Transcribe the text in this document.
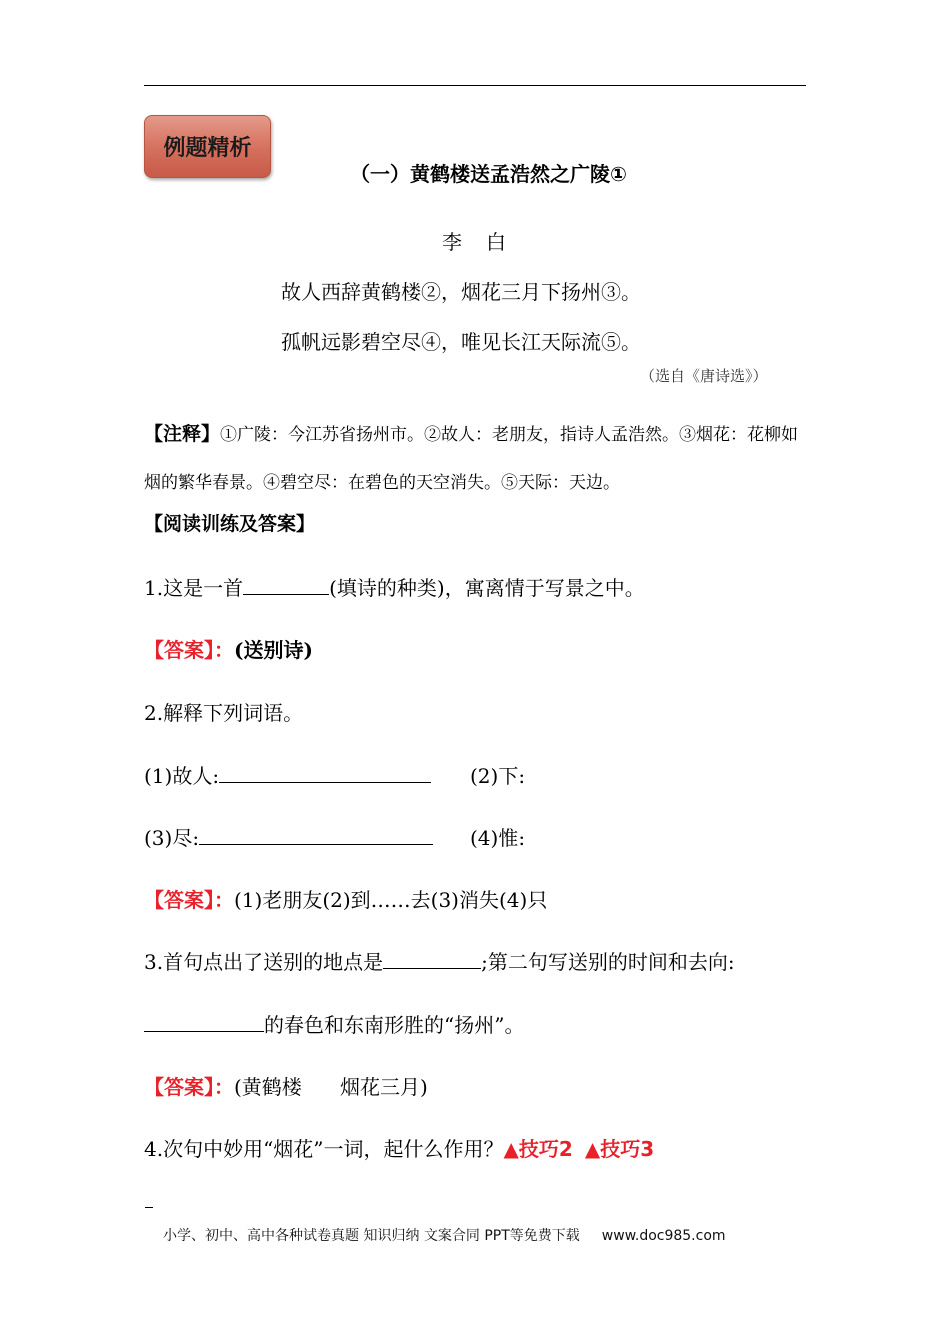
例题精析
（一）黄鹤楼送孟浩然之广陵①
李 白
故人西辞黄鹤楼②，烟花三月下扬州③。
孤帆远影碧空尽④，唯见长江天际流⑤。
（选自《唐诗选》）
【注释】①广陵：今江苏省扬州市。②故人：老朋友，指诗人孟浩然。③烟花：花柳如烟的繁华春景。④碧空尽：在碧色的天空消失。⑤天际：天边。
【阅读训练及答案】
1.这是一首	(填诗的种类)，寓离情于写景之中。
【答案】：(送别诗)
2.解释下列词语。
(1)故人:	(2)下:
(3)尽:	(4)惟:
【答案】：(1)老朋友(2)到……去(3)消失(4)只
3.首句点出了送别的地点是	;第二句写送别的时间和去向:
的春色和东南形胜的“扬州”。
【答案】：(黄鹤楼      烟花三月)
4.次句中妙用“烟花”一词，起什么作用？▲技巧2 ▲技巧3
小学、初中、高中各种试卷真题 知识归纳 文案合同 PPT等免费下载 www.doc985.com
